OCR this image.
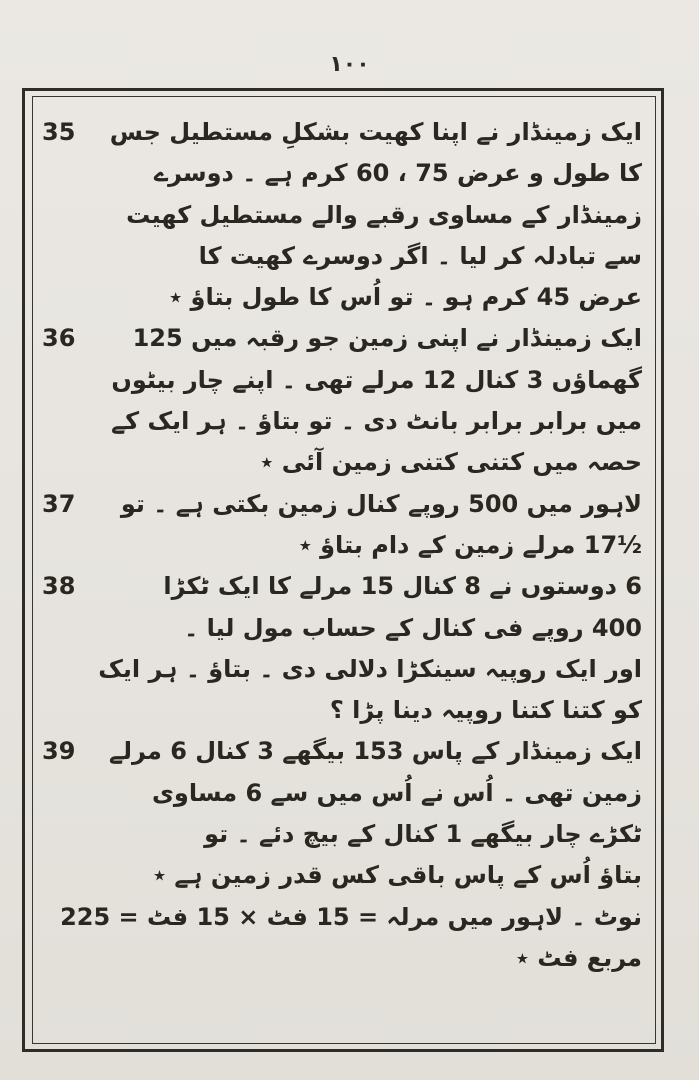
١٠٠
35 ایک زمینڈار نے اپنا کھیت بشکلِ مستطیل جس
کا طول و عرض 75 ، 60 کرم ہے ۔ دوسرے
زمینڈار کے مساوی رقبے والے مستطیل کھیت
سے تبادلہ کر لیا ۔ اگر دوسرے کھیت کا
عرض 45 کرم ہو ۔ تو اُس کا طول بتاؤ ٭
36 ایک زمینڈار نے اپنی زمین جو رقبہ میں 125
گھماؤں 3 کنال 12 مرلے تھی ۔ اپنے چار بیٹوں
میں برابر برابر بانٹ دی ۔ تو بتاؤ ۔ ہر ایک کے
حصہ میں کتنی کتنی زمین آئی ٭
37 لاہور میں 500 روپے کنال زمین بکتی ہے ۔ تو
½17 مرلے زمین کے دام بتاؤ ٭
38	6 دوستوں نے 8 کنال 15 مرلے کا ایک ٹکڑا
400 روپے فی کنال کے حساب مول لیا ۔
اور ایک روپیہ سینکڑا دلالی دی ۔ بتاؤ ۔ ہر ایک
کو کتنا کتنا روپیہ دینا پڑا ؟
39 ایک زمینڈار کے پاس 153 بیگھے 3 کنال 6 مرلے
زمین تھی ۔ اُس نے اُس میں سے 6 مساوی
ٹکڑے چار بیگھے 1 کنال کے بیچ دئے ۔ تو
بتاؤ اُس کے پاس باقی کس قدر زمین ہے ٭
نوٹ ۔ لاہور میں مرلہ = 15 فٹ × 15 فٹ = 225
مربع فٹ ٭
